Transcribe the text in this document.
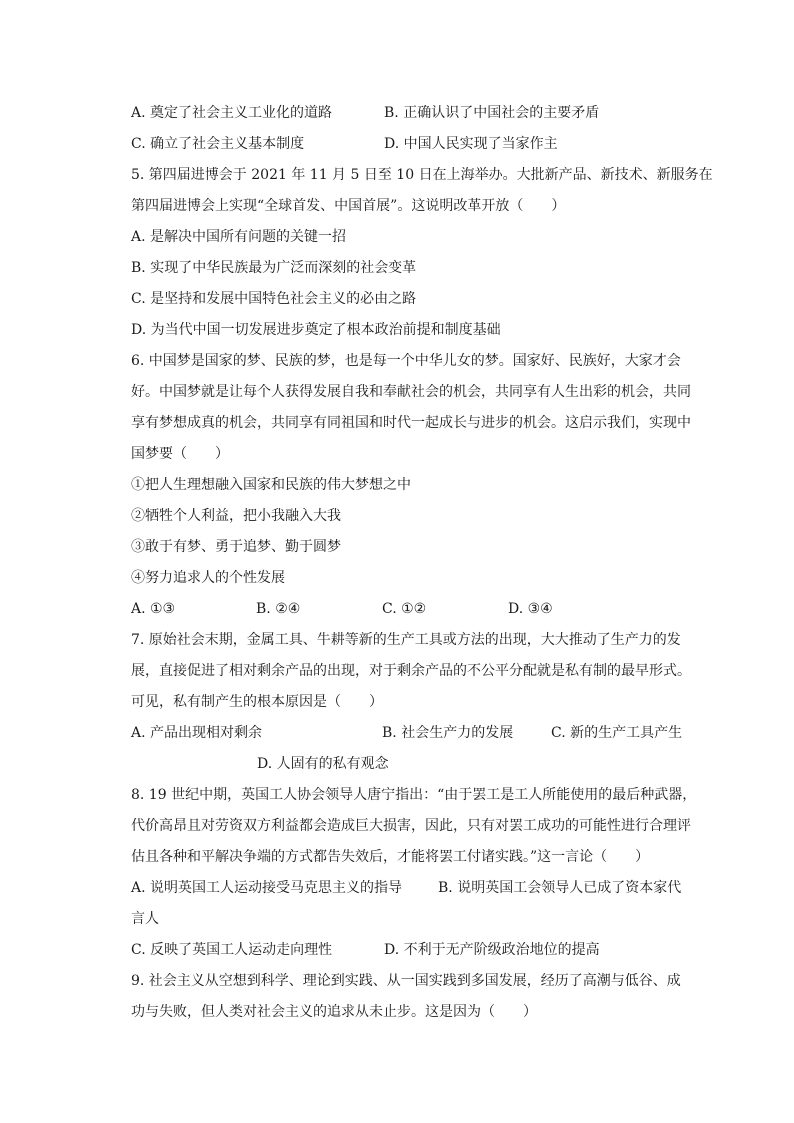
A. 奠定了社会主义工业化的道路	B. 正确认识了中国社会的主要矛盾
C. 确立了社会主义基本制度	D. 中国人民实现了当家作主
5. 第四届进博会于 2021 年 11 月 5 日至 10 日在上海举办。大批新产品、新技术、新服务在
第四届进博会上实现“全球首发、中国首展”。这说明改革开放（　　）
A. 是解决中国所有问题的关键一招
B. 实现了中华民族最为广泛而深刻的社会变革
C. 是坚持和发展中国特色社会主义的必由之路
D. 为当代中国一切发展进步奠定了根本政治前提和制度基础
6. 中国梦是国家的梦、民族的梦，也是每一个中华儿女的梦。国家好、民族好，大家才会
好。中国梦就是让每个人获得发展自我和奉献社会的机会，共同享有人生出彩的机会，共同
享有梦想成真的机会，共同享有同祖国和时代一起成长与进步的机会。这启示我们，实现中
国梦要（　　）
①把人生理想融入国家和民族的伟大梦想之中
②牺牲个人利益，把小我融入大我
③敢于有梦、勇于追梦、勤于圆梦
④努力追求人的个性发展
A. ①③	B. ②④	C. ①②	D. ③④
7. 原始社会末期，金属工具、牛耕等新的生产工具或方法的出现，大大推动了生产力的发
展，直接促进了相对剩余产品的出现，对于剩余产品的不公平分配就是私有制的最早形式。
可见，私有制产生的根本原因是（　　）
A. 产品出现相对剩余	B. 社会生产力的发展	C. 新的生产工具产生
D. 人固有的私有观念
8. 19 世纪中期，英国工人协会领导人唐宁指出：“由于罢工是工人所能使用的最后种武器，
代价高昂且对劳资双方利益都会造成巨大损害，因此，只有对罢工成功的可能性进行合理评
估且各种和平解决争端的方式都告失效后，才能将罢工付诸实践。”这一言论（　　）
A. 说明英国工人运动接受马克思主义的指导	B. 说明英国工会领导人已成了资本家代
言人
C. 反映了英国工人运动走向理性	D. 不利于无产阶级政治地位的提高
9. 社会主义从空想到科学、理论到实践、从一国实践到多国发展，经历了高潮与低谷、成
功与失败，但人类对社会主义的追求从未止步。这是因为（　　）
